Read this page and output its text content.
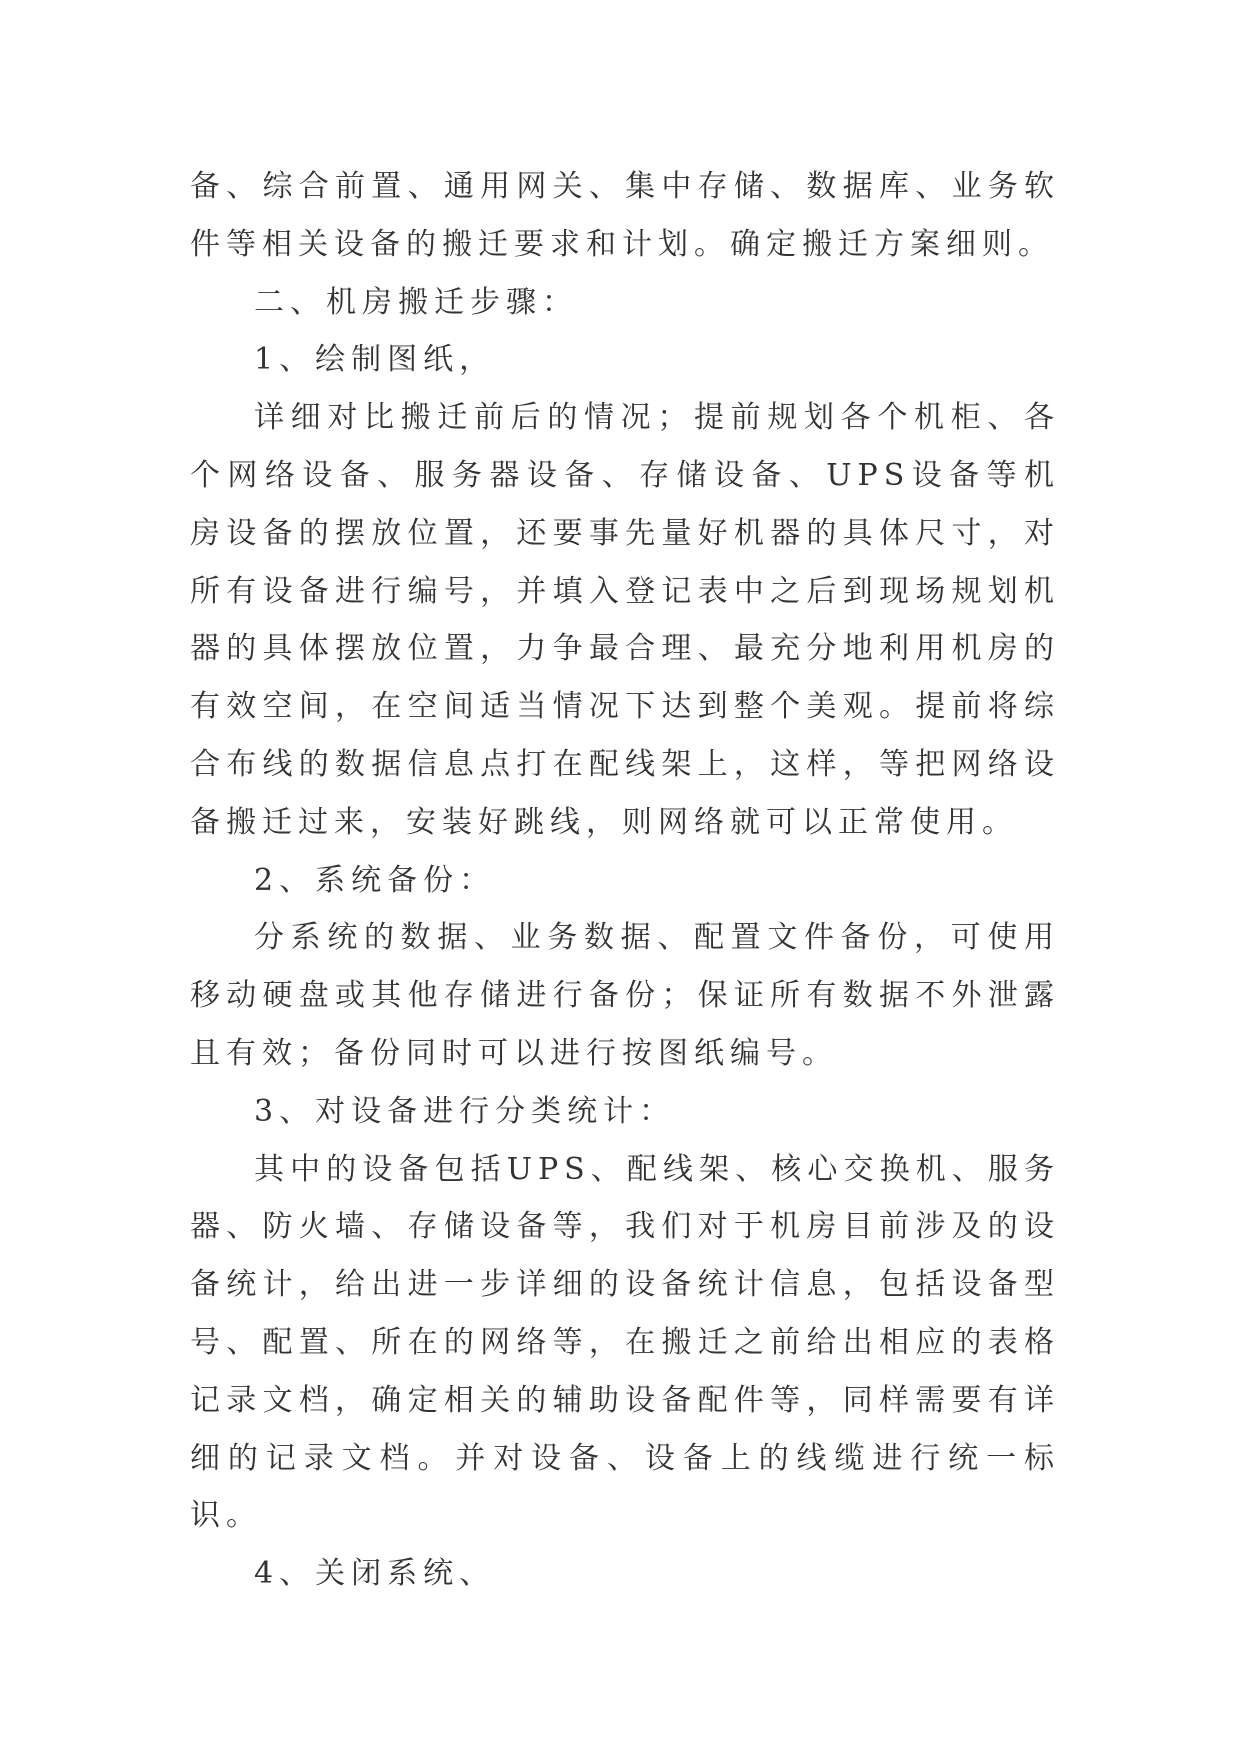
备、综合前置、通用网关、集中存储、数据库、业务软件等相关设备的搬迁要求和计划。确定搬迁方案细则。

二、机房搬迁步骤：

1、绘制图纸，

详细对比搬迁前后的情况；提前规划各个机柜、各个网络设备、服务器设备、存储设备、UPS设备等机房设备的摆放位置，还要事先量好机器的具体尺寸，对所有设备进行编号，并填入登记表中之后到现场规划机器的具体摆放位置，力争最合理、最充分地利用机房的有效空间，在空间适当情况下达到整个美观。提前将综合布线的数据信息点打在配线架上，这样，等把网络设备搬迁过来，安装好跳线，则网络就可以正常使用。

2、系统备份：

分系统的数据、业务数据、配置文件备份，可使用移动硬盘或其他存储进行备份；保证所有数据不外泄露且有效；备份同时可以进行按图纸编号。

3、对设备进行分类统计：

其中的设备包括UPS、配线架、核心交换机、服务器、防火墙、存储设备等，我们对于机房目前涉及的设备统计，给出进一步详细的设备统计信息，包括设备型号、配置、所在的网络等，在搬迁之前给出相应的表格记录文档，确定相关的辅助设备配件等，同样需要有详细的记录文档。并对设备、设备上的线缆进行统一标识。

4、关闭系统、
